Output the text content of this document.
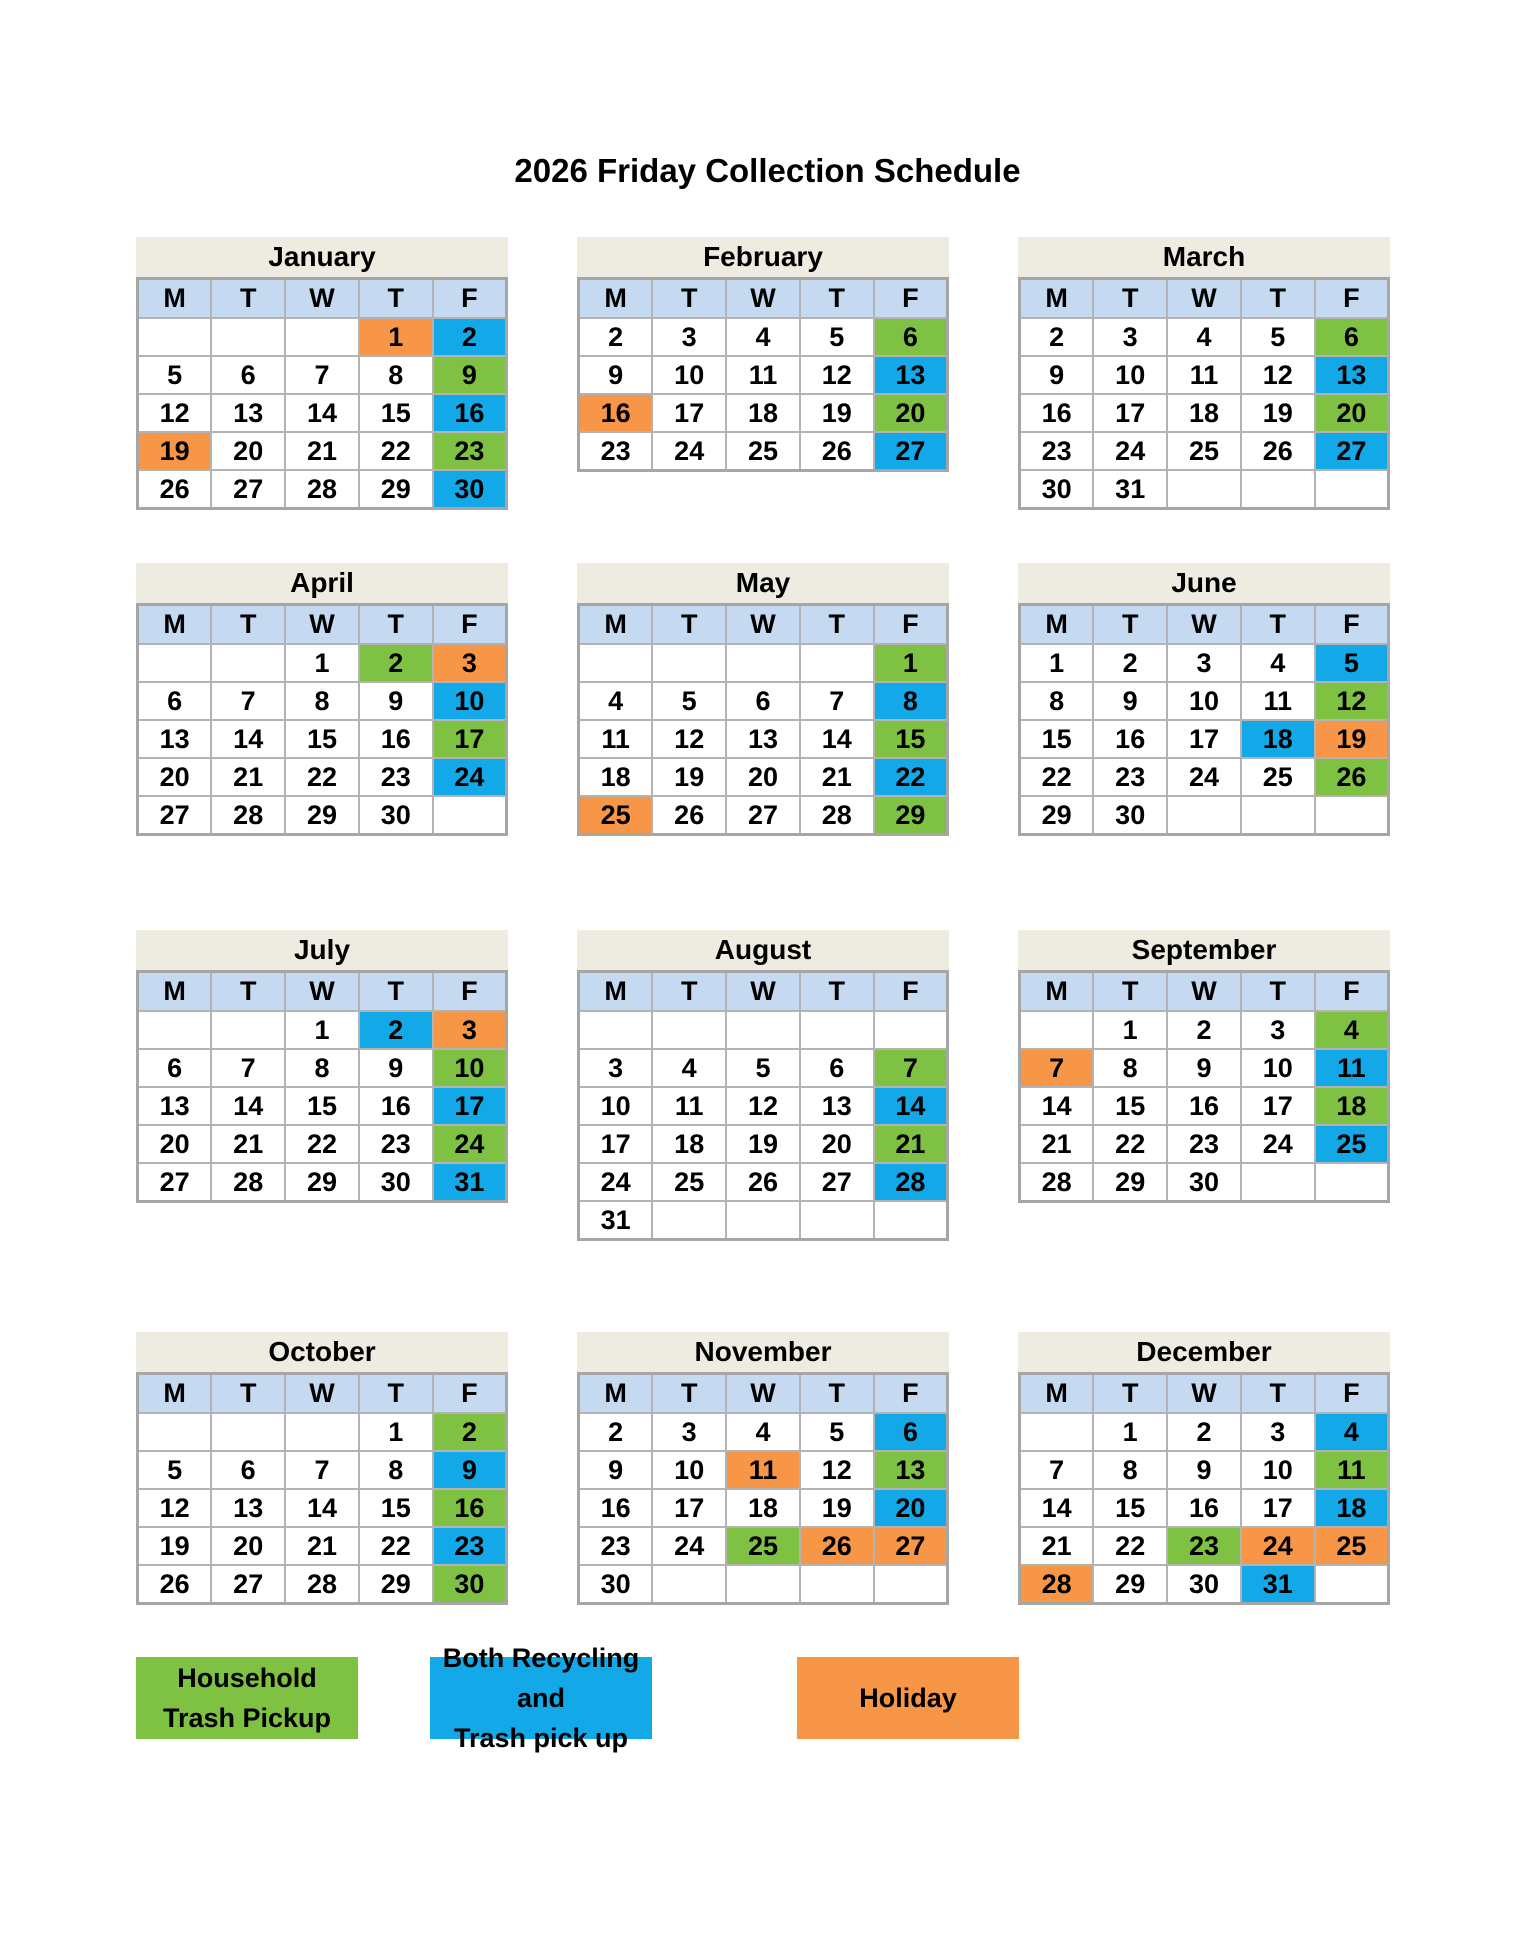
2026 Friday Collection Schedule
January
M	T	W	T	F
			1	2
5	6	7	8	9
12	13	14	15	16
19	20	21	22	23
26	27	28	29	30
February
M	T	W	T	F
2	3	4	5	6
9	10	11	12	13
16	17	18	19	20
23	24	25	26	27
March
M	T	W	T	F
2	3	4	5	6
9	10	11	12	13
16	17	18	19	20
23	24	25	26	27
30	31			
April
M	T	W	T	F
		1	2	3
6	7	8	9	10
13	14	15	16	17
20	21	22	23	24
27	28	29	30	
May
M	T	W	T	F
				1
4	5	6	7	8
11	12	13	14	15
18	19	20	21	22
25	26	27	28	29
June
M	T	W	T	F
1	2	3	4	5
8	9	10	11	12
15	16	17	18	19
22	23	24	25	26
29	30			
July
M	T	W	T	F
		1	2	3
6	7	8	9	10
13	14	15	16	17
20	21	22	23	24
27	28	29	30	31
August
M	T	W	T	F

3	4	5	6	7
10	11	12	13	14
17	18	19	20	21
24	25	26	27	28
31				
September
M	T	W	T	F
	1	2	3	4
7	8	9	10	11
14	15	16	17	18
21	22	23	24	25
28	29	30		
October
M	T	W	T	F
			1	2
5	6	7	8	9
12	13	14	15	16
19	20	21	22	23
26	27	28	29	30
November
M	T	W	T	F
2	3	4	5	6
9	10	11	12	13
16	17	18	19	20
23	24	25	26	27
30				
December
M	T	W	T	F
	1	2	3	4
7	8	9	10	11
14	15	16	17	18
21	22	23	24	25
28	29	30	31	
Household
Trash Pickup
Both Recycling and
Trash pick up
Holiday
